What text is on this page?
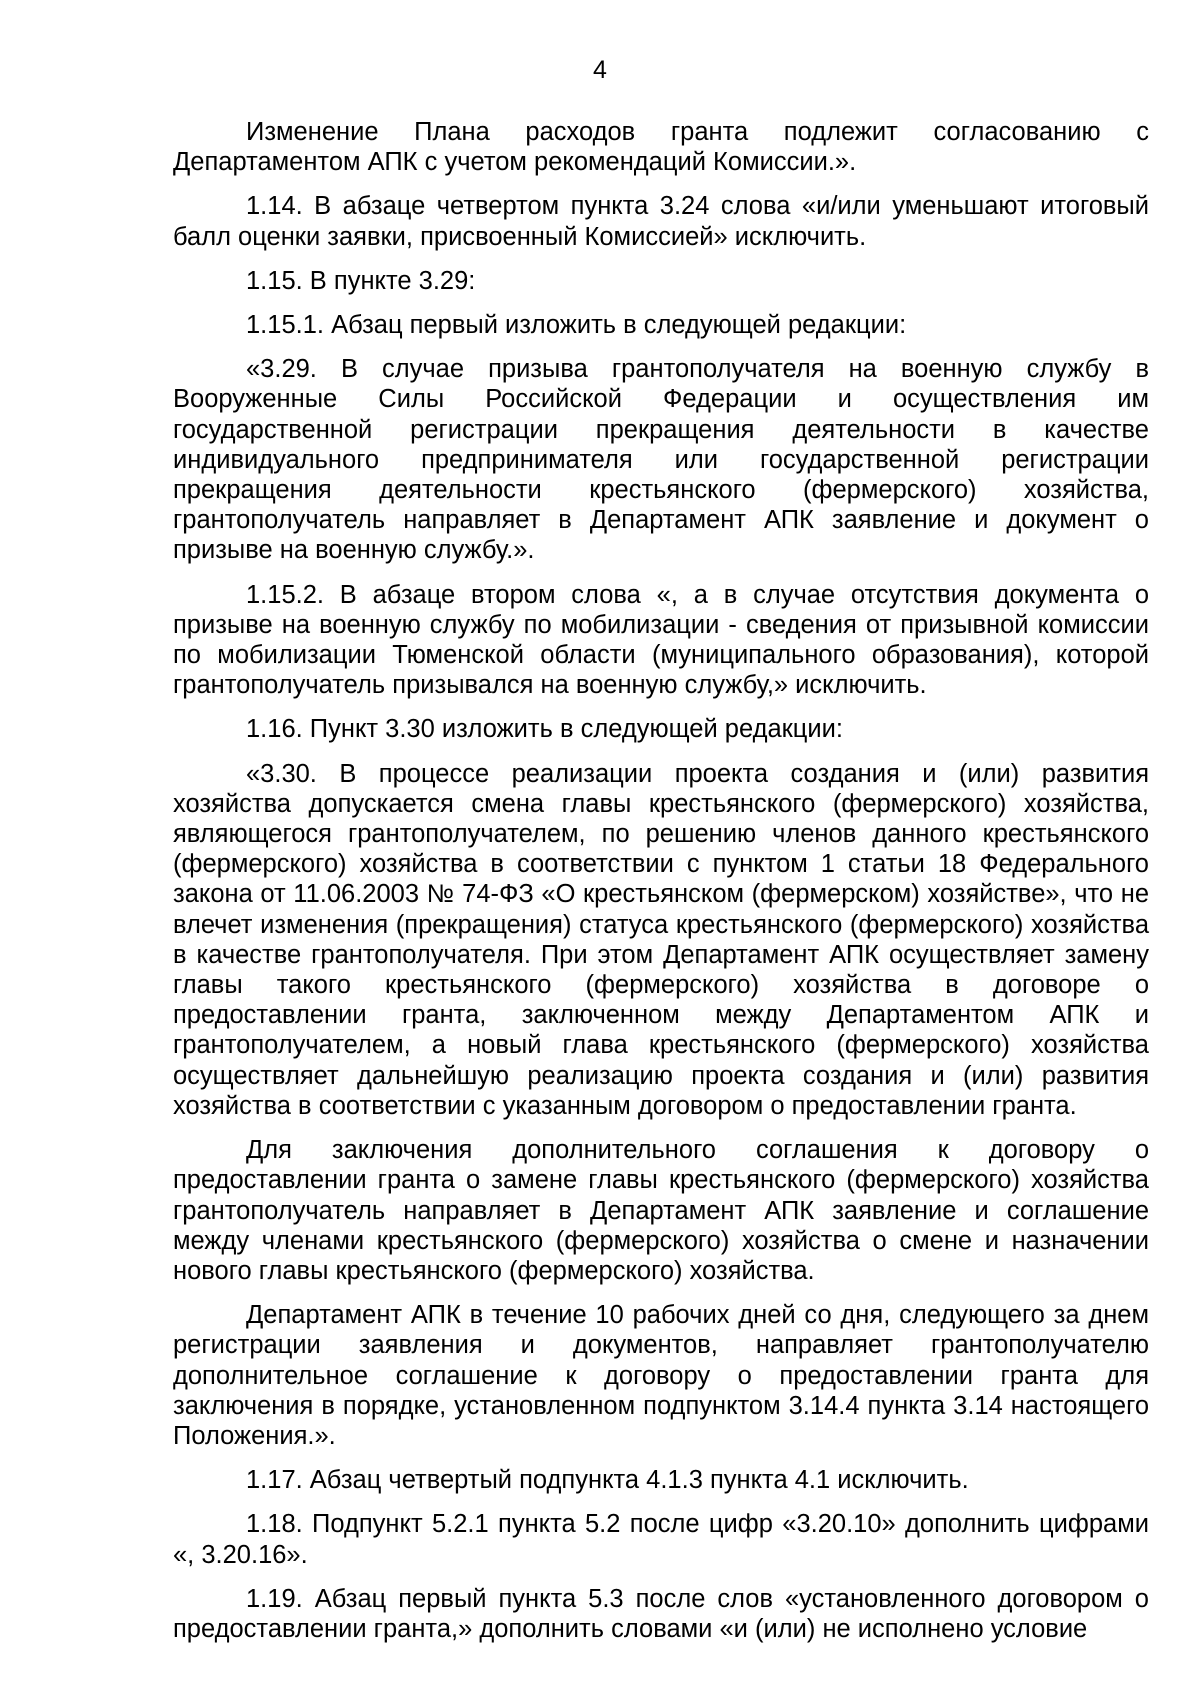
4

Изменение Плана расходов гранта подлежит согласованию с Департаментом АПК с учетом рекомендаций Комиссии.».

1.14. В абзаце четвертом пункта 3.24 слова «и/или уменьшают итоговый балл оценки заявки, присвоенный Комиссией» исключить.

1.15. В пункте 3.29:

1.15.1. Абзац первый изложить в следующей редакции:

«3.29. В случае призыва грантополучателя на военную службу в Вооруженные Силы Российской Федерации и осуществления им государственной регистрации прекращения деятельности в качестве индивидуального предпринимателя или государственной регистрации прекращения деятельности крестьянского (фермерского) хозяйства, грантополучатель направляет в Департамент АПК заявление и документ о призыве на военную службу.».

1.15.2. В абзаце втором слова «, а в случае отсутствия документа о призыве на военную службу по мобилизации - сведения от призывной комиссии по мобилизации Тюменской области (муниципального образования), которой грантополучатель призывался на военную службу,» исключить.

1.16. Пункт 3.30 изложить в следующей редакции:

«3.30. В процессе реализации проекта создания и (или) развития хозяйства допускается смена главы крестьянского (фермерского) хозяйства, являющегося грантополучателем, по решению членов данного крестьянского (фермерского) хозяйства в соответствии с пунктом 1 статьи 18 Федерального закона от 11.06.2003 № 74-ФЗ «О крестьянском (фермерском) хозяйстве», что не влечет изменения (прекращения) статуса крестьянского (фермерского) хозяйства в качестве грантополучателя. При этом Департамент АПК осуществляет замену главы такого крестьянского (фермерского) хозяйства в договоре о предоставлении гранта, заключенном между Департаментом АПК и грантополучателем, а новый глава крестьянского (фермерского) хозяйства осуществляет дальнейшую реализацию проекта создания и (или) развития хозяйства в соответствии с указанным договором о предоставлении гранта.

Для заключения дополнительного соглашения к договору о предоставлении гранта о замене главы крестьянского (фермерского) хозяйства грантополучатель направляет в Департамент АПК заявление и соглашение между членами крестьянского (фермерского) хозяйства о смене и назначении нового главы крестьянского (фермерского) хозяйства.

Департамент АПК в течение 10 рабочих дней со дня, следующего за днем регистрации заявления и документов, направляет грантополучателю дополнительное соглашение к договору о предоставлении гранта для заключения в порядке, установленном подпунктом 3.14.4 пункта 3.14 настоящего Положения.».

1.17. Абзац четвертый подпункта 4.1.3 пункта 4.1 исключить.

1.18. Подпункт 5.2.1 пункта 5.2 после цифр «3.20.10» дополнить цифрами «, 3.20.16».

1.19. Абзац первый пункта 5.3 после слов «установленного договором о предоставлении гранта,» дополнить словами «и (или) не исполнено условие
